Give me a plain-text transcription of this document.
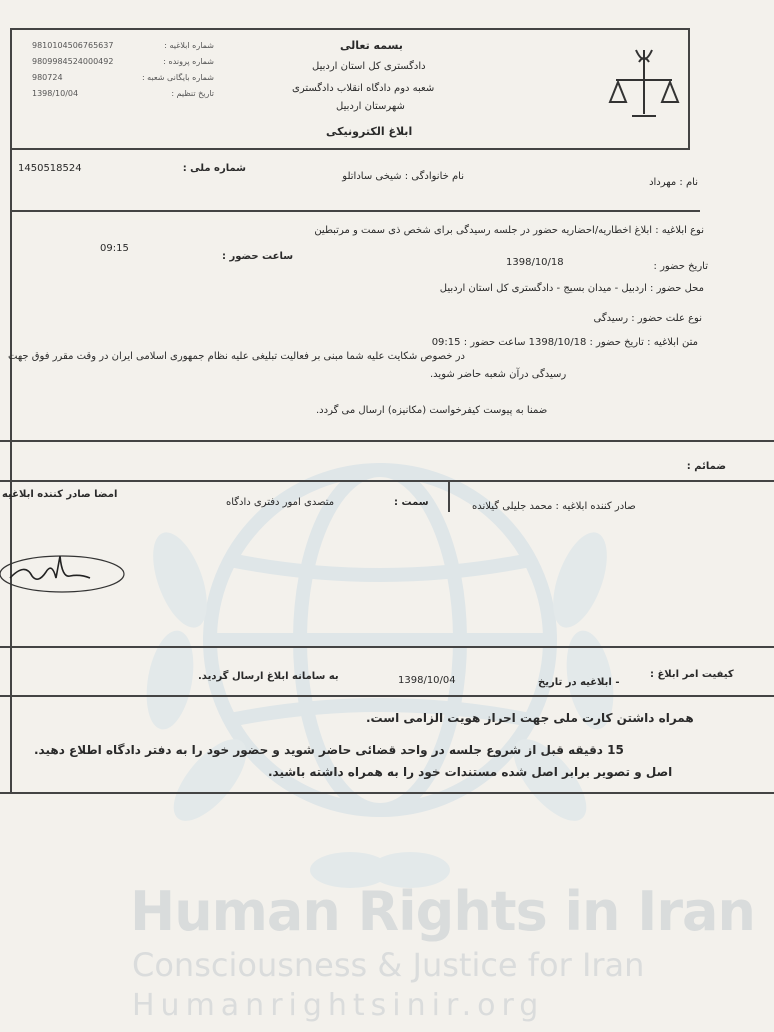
شماره ابلاغیه :
9810104506765637
شماره پرونده :
9809984524000492
شماره بایگانی شعبه :
980724
تاریخ تنظیم :
1398/10/04
بسمه تعالی
دادگستری کل استان اردبیل
شعبه دوم دادگاه انقلاب دادگستری
شهرستان اردبیل
ابلاغ الکترونیکی
نام : مهرداد
نام خانوادگی : شیخی ساداتلو
شماره ملی :
1450518524
نوع ابلاغیه : ابلاغ اخطاریه/احضاریه حضور در جلسه رسیدگی برای شخص ذی سمت و مرتبطین
تاریخ حضور :
1398/10/18
ساعت حضور :
09:15
محل حضور : اردبیل - میدان بسیج - دادگستری کل استان اردبیل
نوع علت حضور : رسیدگی
متن ابلاغیه : تاریخ حضور : 1398/10/18 ساعت حضور : 09:15
در خصوص شکایت علیه شما مبنی بر فعالیت تبلیغی علیه نظام جمهوری اسلامی ایران در وقت مقرر فوق جهت
رسیدگی درآن شعبه حاضر شوید.
ضمنا به پیوست کیفرخواست (مکانیزه) ارسال می گردد.
ضمائم :
صادر کننده ابلاغیه : محمد جلیلی گیلانده
سمت :
متصدی امور دفتری دادگاه
امضا صادر کننده ابلاغیه
کیفیت امر ابلاغ :
- ابلاغیه در تاریخ
1398/10/04
به سامانه ابلاغ ارسال گردید.
همراه داشتن کارت ملی جهت احراز هویت الزامی است.
15 دقیقه قبل از شروع جلسه در واحد قضائی حاضر شوید و حضور خود را به دفتر دادگاه اطلاع دهید.
اصل و تصویر برابر اصل شده مستندات خود را به همراه داشته باشید.
Human Rights in Iran
Consciousness & Justice for Iran
Humanrightsinir.org
